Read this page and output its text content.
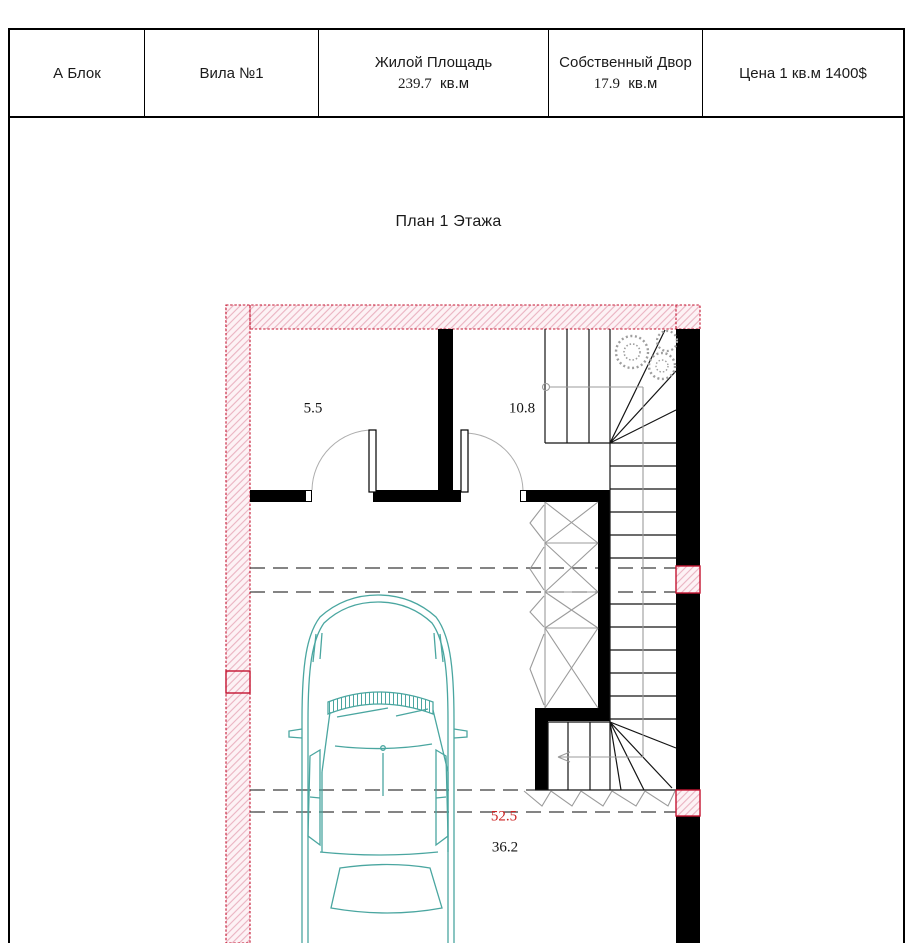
А Блок	Вила №1
Жилой Площадь
239.7 кв.м
Собственный Двор
17.9 кв.м
Цена 1 кв.м 1400$
План 1 Этажа
5.5	10.8
52.5
36.2
